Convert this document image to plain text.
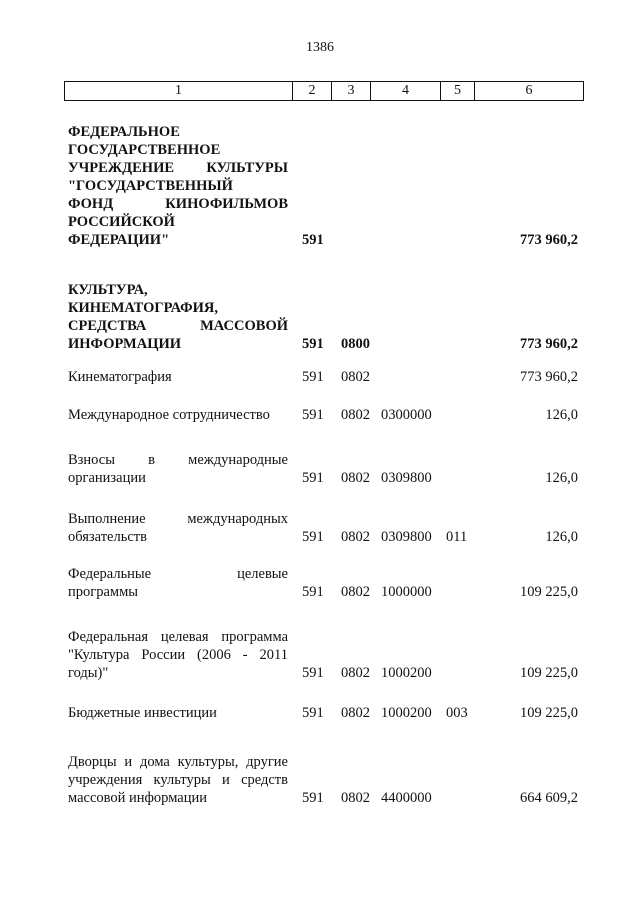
1386
1	2	3	4	5	6
ФЕДЕРАЛЬНОЕ
ГОСУДАРСТВЕННОЕ
УЧРЕЖДЕНИЕ КУЛЬТУРЫ
"ГОСУДАРСТВЕННЫЙ
ФОНД КИНОФИЛЬМОВ
РОССИЙСКОЙ
ФЕДЕРАЦИИ"	591	773 960,2
КУЛЬТУРА,
КИНЕМАТОГРАФИЯ,
СРЕДСТВА МАССОВОЙ
ИНФОРМАЦИИ	591 0800	773 960,2
Кинематография	591 0802	773 960,2
Международное сотрудничество	591 0802 0300000	126,0
Взносы в международные
организации	591 0802 0309800	126,0
Выполнение международных
обязательств	591 0802 0309800 011	126,0
Федеральные целевые
программы	591 0802 1000000	109 225,0
Федеральная целевая программа
"Культура России (2006 - 2011
годы)"	591 0802 1000200	109 225,0
Бюджетные инвестиции	591 0802 1000200 003	109 225,0
Дворцы и дома культуры, другие
учреждения культуры и средств
массовой информации	591 0802 4400000	664 609,2
